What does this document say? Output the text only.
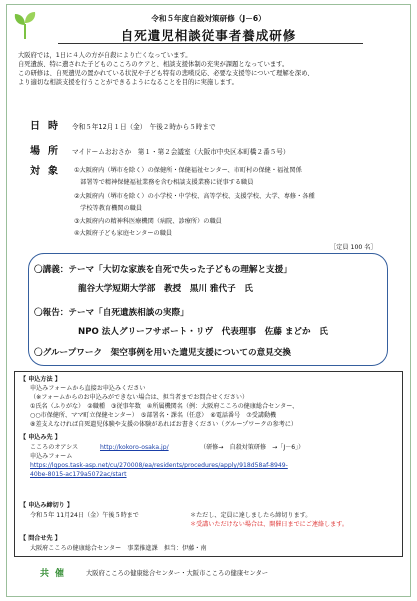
令和５年度自殺対策研修（J－6）
自死遺児相談従事者養成研修
大阪府では，1日に４人の方が自殺により亡くなっています。
自死遺族、特に遺された子どものこころのケアと、相談支援体制の充実が課題となっています。
この研修は、自死遺児の置かれている状況や子ども特有の悲嘆反応、必要な支援等について理解を深め、
より適切な相談支援を行うことができるようになることを目的に実施します。
日時 令和５年12月１日（金）　午後２時から５時まで
場所 マイドームおおさか　第１・第２会議室（大阪市中央区本町橋２番５号）
対象 ①大阪府内（堺市を除く）の保健所・保健福祉センター、市町村の保健・福祉関係
　部署等で精神保健福祉業務を含む相談支援業務に従事する職員
②大阪府内（堺市を除く）の小学校・中学校、高等学校、支援学校、大学、専修・各種
　学校等教育機関の職員
③大阪府内の精神科医療機関（病院、診療所）の職員
④大阪府子ども家庭センターの職員
［定員 100 名］
〇講義：テーマ「大切な家族を自死で失った子どもの理解と支援」
龍谷大学短期大学部　教授　黒川 雅代子　氏
〇報告：テーマ「自死遺族相談の実際」
NPO 法人グリーフサポート・リヴ　代表理事　佐藤 まどか　氏
〇グループワーク　架空事例を用いた遺児支援についての意見交換
【 申込方法 】
申込みフォームから直接お申込みください
（※フォームからのお申込みができない場合は、担当者までお問合せください）
①氏名（ふりがな）　②職種　③従事年数　④所属機関名（例：大阪府こころの健康総合センター、
○○市保健所、ママ町立保健センター）　⑤部署名・課名（任意）　⑥電話番号　⑦受講動機
⑧差支えなければ自死遺児体験や支援の体験があればお書きください（グループワークの参考に）
【 申込み先 】
こころのオアシス	http://kokoro-osaka.jp/	（研修→　自殺対策研修　→「J－6」）
申込みフォーム
https://lgpos.task-asp.net/cu/270008/ea/residents/procedures/apply/918d58af-8949-
40be-8015-ac179a5072ac/start
【 申込み締切り 】
令和５年 11月24日（金）午後５時まで	＊ただし、定員に達しましたら締切ります。
＊受講いただけない場合は、開催日までにご連絡します。
【 問合せ先 】
大阪府こころの健康総合センター　事業推進課　担当：伊藤・南
共催	大阪府こころの健康総合センター・大阪市こころの健康センター
